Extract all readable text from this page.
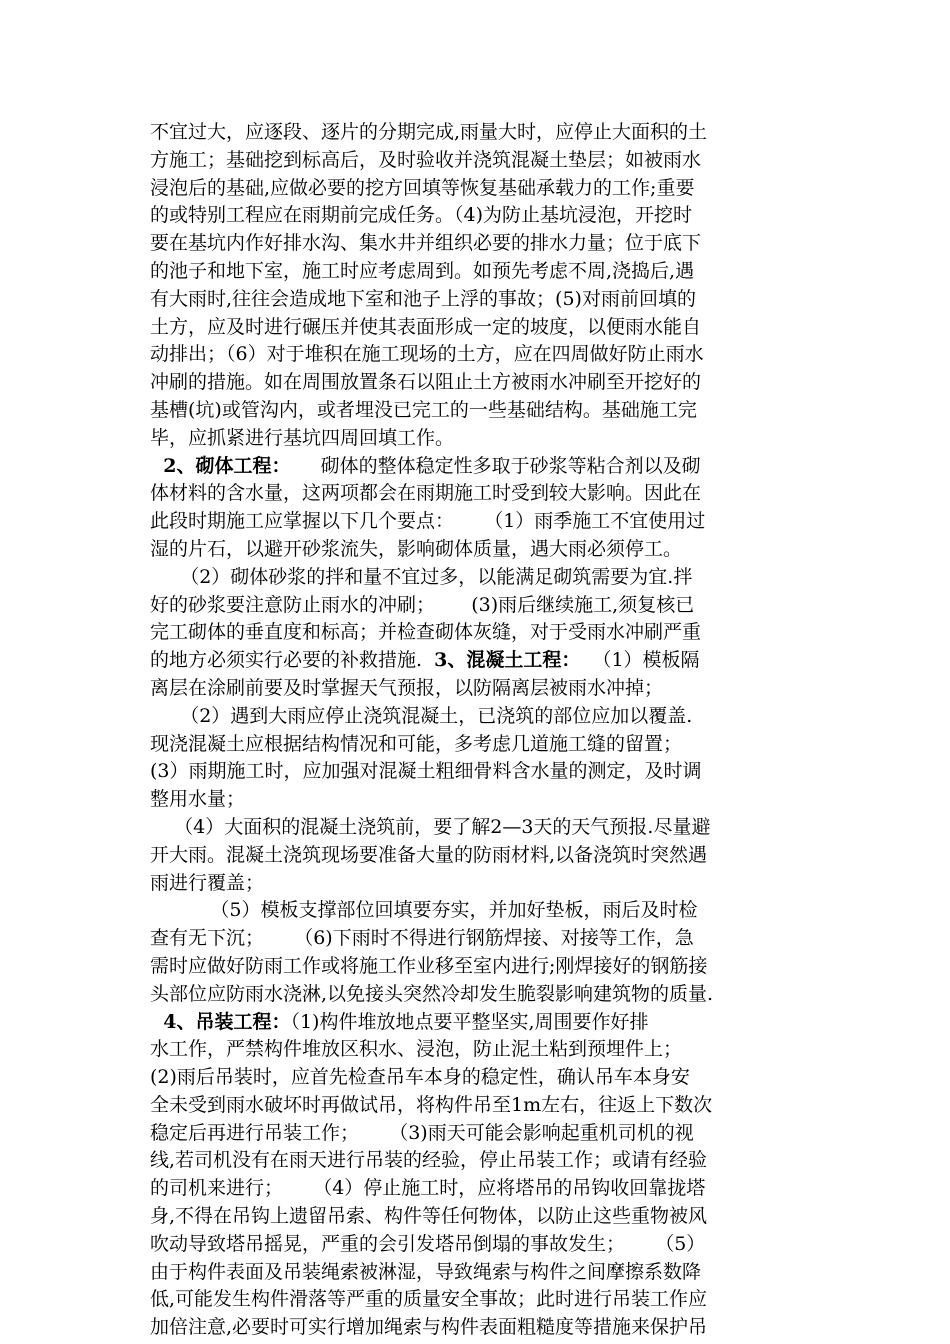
不宜过大，应逐段、逐片的分期完成,雨量大时，应停止大面积的土
方施工；基础挖到标高后，及时验收并浇筑混凝土垫层；如被雨水
浸泡后的基础,应做必要的挖方回填等恢复基础承载力的工作;重要
的或特别工程应在雨期前完成任务。（4)为防止基坑浸泡，开挖时
要在基坑内作好排水沟、集水井并组织必要的排水力量；位于底下
的池子和地下室，施工时应考虑周到。如预先考虑不周,浇捣后,遇
有大雨时,往往会造成地下室和池子上浮的事故；(5)对雨前回填的
土方，应及时进行碾压并使其表面形成一定的坡度，以便雨水能自
动排出；（6）对于堆积在施工现场的土方，应在四周做好防止雨水
冲刷的措施。如在周围放置条石以阻止土方被雨水冲刷至开挖好的
基槽(坑)或管沟内，或者埋没已完工的一些基础结构。基础施工完
毕，应抓紧进行基坑四周回填工作。
2、砌体工程：     砌体的整体稳定性多取于砂浆等粘合剂以及砌
体材料的含水量，这两项都会在雨期施工时受到较大影响。因此在
此段时期施工应掌握以下几个要点：     （1）雨季施工不宜使用过
湿的片石，以避开砂浆流失，影响砌体质量，遇大雨必须停工。
（2）砌体砂浆的拌和量不宜过多，以能满足砌筑需要为宜.拌
好的砂浆要注意防止雨水的冲刷；      (3)雨后继续施工,须复核已
完工砌体的垂直度和标高；并检查砌体灰缝，对于受雨水冲刷严重
的地方必须实行必要的补救措施.  3、混凝土工程：  （1）模板隔
离层在涂刷前要及时掌握天气预报，以防隔离层被雨水冲掉；
（2）遇到大雨应停止浇筑混凝土，已浇筑的部位应加以覆盖.
现浇混凝土应根据结构情况和可能，多考虑几道施工缝的留置；
(3）雨期施工时，应加强对混凝土粗细骨料含水量的测定，及时调
整用水量；
（4）大面积的混凝土浇筑前，要了解2—3天的天气预报.尽量避
开大雨。混凝土浇筑现场要准备大量的防雨材料,以备浇筑时突然遇
雨进行覆盖；
（5）模板支撑部位回填要夯实，并加好垫板，雨后及时检
查有无下沉；     （6)下雨时不得进行钢筋焊接、对接等工作，急
需时应做好防雨工作或将施工作业移至室内进行;刚焊接好的钢筋接
头部位应防雨水浇淋,以免接头突然冷却发生脆裂影响建筑物的质量.
4、吊装工程：（1)构件堆放地点要平整坚实,周围要作好排
水工作，严禁构件堆放区积水、浸泡，防止泥土粘到预埋件上；
(2)雨后吊装时，应首先检查吊车本身的稳定性，确认吊车本身安
全未受到雨水破坏时再做试吊，将构件吊至1m左右，往返上下数次
稳定后再进行吊装工作；     （3)雨天可能会影响起重机司机的视
线,若司机没有在雨天进行吊装的经验，停止吊装工作；或请有经验
的司机来进行；     （4）停止施工时，应将塔吊的吊钩收回靠拢塔
身,不得在吊钩上遗留吊索、构件等任何物体，以防止这些重物被风
吹动导致塔吊摇晃，严重的会引发塔吊倒塌的事故发生；     （5）
由于构件表面及吊装绳索被淋湿，导致绳索与构件之间摩擦系数降
低,可能发生构件滑落等严重的质量安全事故；此时进行吊装工作应
加倍注意,必要时可实行增加绳索与构件表面粗糙度等措施来保护吊
